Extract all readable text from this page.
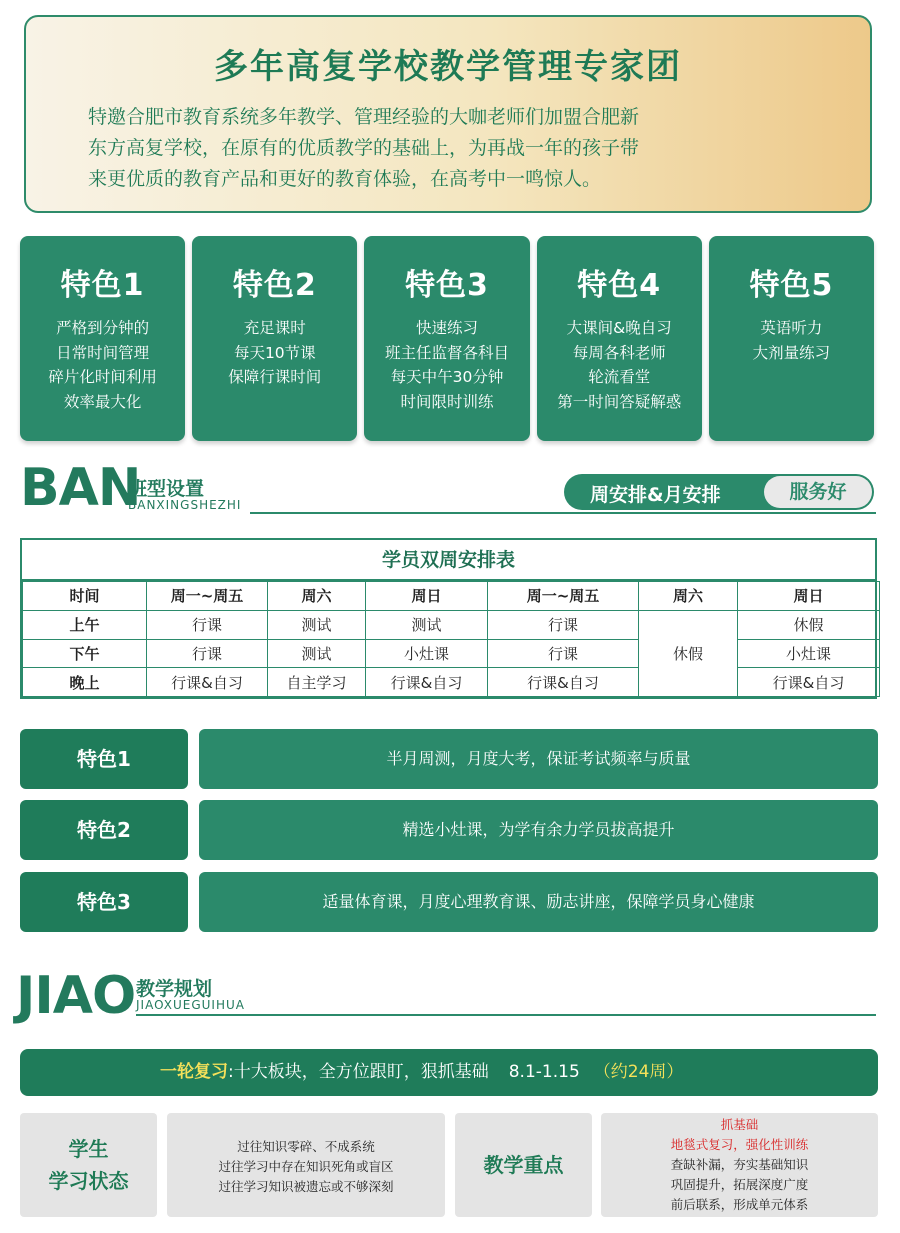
多年高复学校教学管理专家团
特邀合肥市教育系统多年教学、管理经验的大咖老师们加盟合肥新
东方高复学校，在原有的优质教学的基础上，为再战一年的孩子带
来更优质的教育产品和更好的教育体验，在高考中一鸣惊人。
特色1
严格到分钟的
日常时间管理
碎片化时间利用
效率最大化
特色2
充足课时
每天10节课
保障行课时间
特色3
快速练习
班主任监督各科目
每天中午30分钟
时间限时训练
特色4
大课间&晚自习
每周各科老师
轮流看堂
第一时间答疑解惑
特色5
英语听力
大剂量练习
BAN
班型设置
BANXINGSHEZHI	周安排&月安排	服务好
学员双周安排表
时间	周一~周五	周六	周日	周一~周五	周六	周日
上午	行课	测试	测试	行课	休假	休假
下午	行课	测试	小灶课	行课		小灶课
晚上	行课&自习	自主学习	行课&自习	行课&自习		行课&自习
特色1	半月周测，月度大考，保证考试频率与质量
特色2	精选小灶课，为学有余力学员拔高提升
特色3	适量体育课，月度心理教育课、励志讲座，保障学员身心健康
JIAO 教学规划
JIAOXUEGUIHUA
一轮复习:十大板块，全方位跟盯，狠抓基础 8.1-1.15 （约24周）
学生
学习状态
过往知识零碎、不成系统
过往学习中存在知识死角或盲区
过往学习知识被遗忘或不够深刻
教学重点
抓基础
地毯式复习，强化性训练
查缺补漏，夯实基础知识
巩固提升，拓展深度广度
前后联系，形成单元体系
